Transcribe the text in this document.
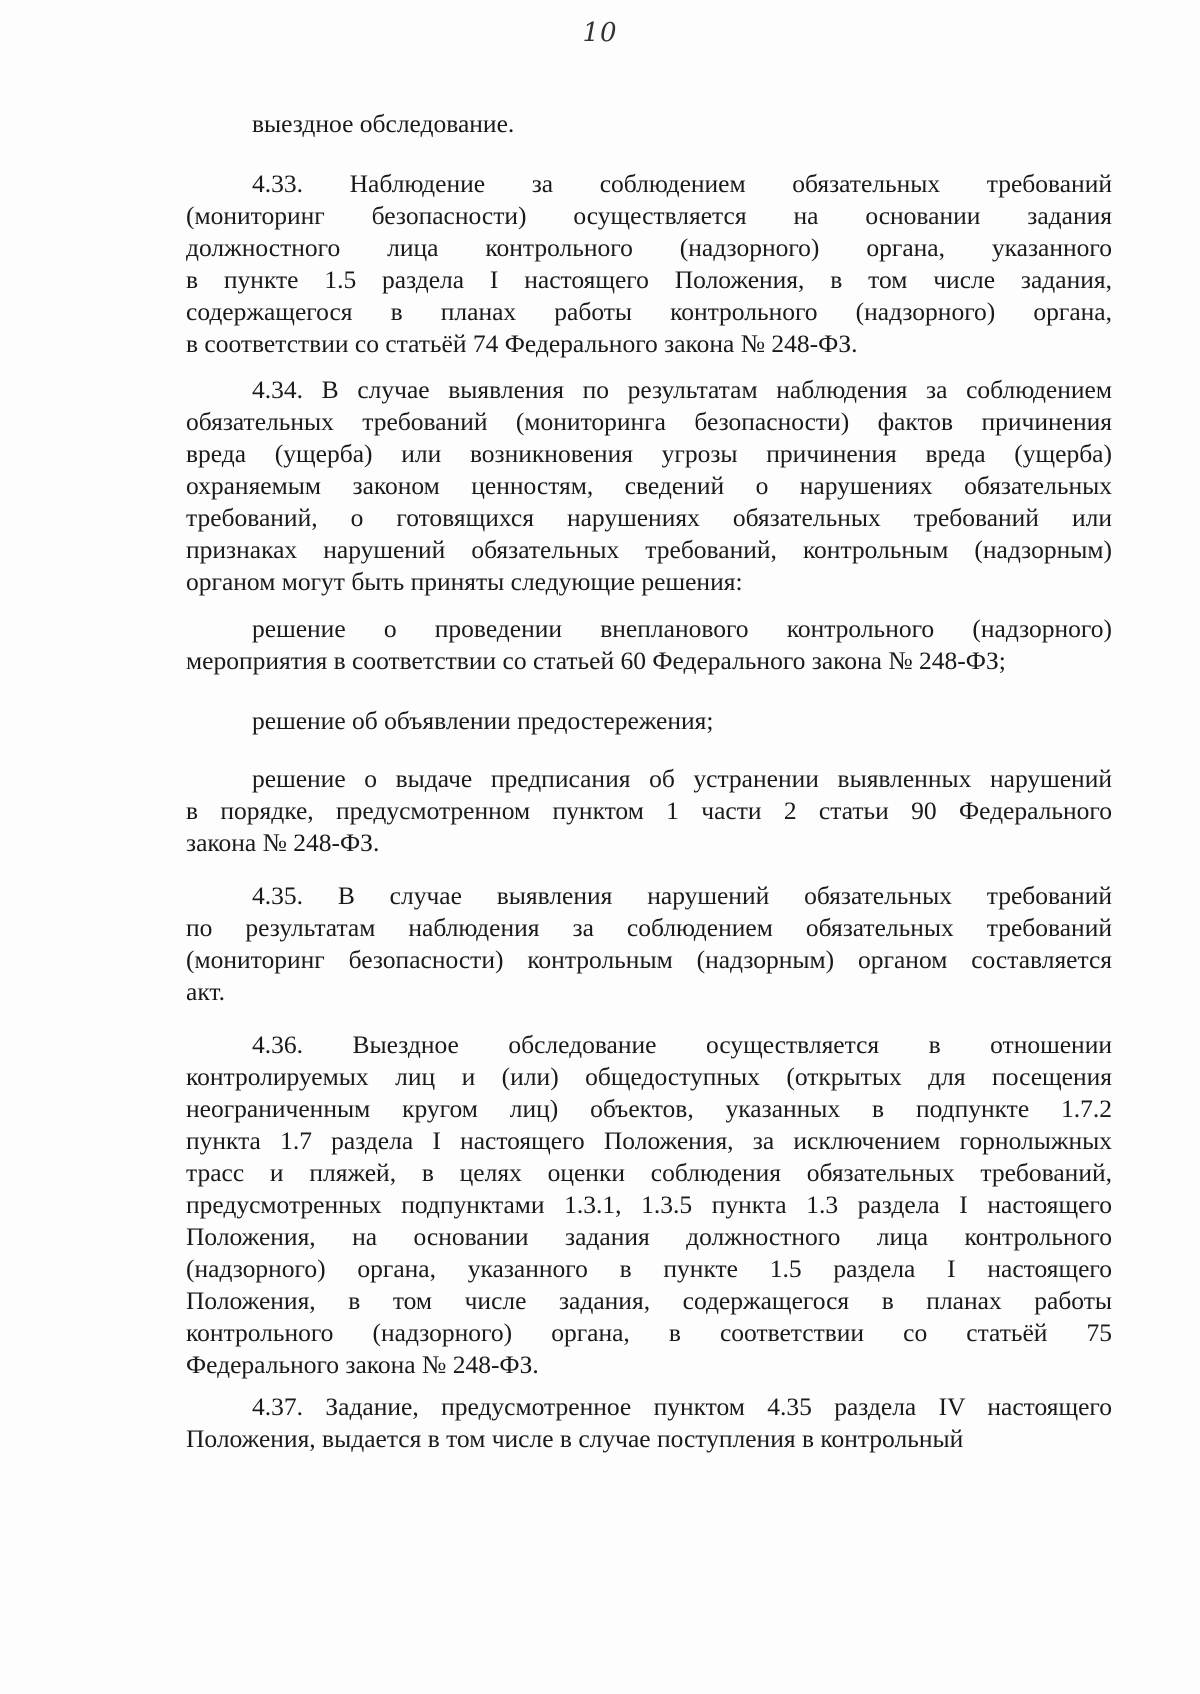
10
выездное обследование.
4.33. Наблюдение за соблюдением обязательных требований
(мониторинг безопасности) осуществляется на основании задания
должностного лица контрольного (надзорного) органа, указанного
в пункте 1.5 раздела I настоящего Положения, в том числе задания,
содержащегося в планах работы контрольного (надзорного) органа,
в соответствии со статьёй 74 Федерального закона № 248-ФЗ.
4.34. В случае выявления по результатам наблюдения за соблюдением
обязательных требований (мониторинга безопасности) фактов причинения
вреда (ущерба) или возникновения угрозы причинения вреда (ущерба)
охраняемым законом ценностям, сведений о нарушениях обязательных
требований, о готовящихся нарушениях обязательных требований или
признаках нарушений обязательных требований, контрольным (надзорным)
органом могут быть приняты следующие решения:
решение о проведении внепланового контрольного (надзорного)
мероприятия в соответствии со статьей 60 Федерального закона № 248-ФЗ;
решение об объявлении предостережения;
решение о выдаче предписания об устранении выявленных нарушений
в порядке, предусмотренном пунктом 1 части 2 статьи 90 Федерального
закона № 248-ФЗ.
4.35. В случае выявления нарушений обязательных требований
по результатам наблюдения за соблюдением обязательных требований
(мониторинг безопасности) контрольным (надзорным) органом составляется
акт.
4.36. Выездное обследование осуществляется в отношении
контролируемых лиц и (или) общедоступных (открытых для посещения
неограниченным кругом лиц) объектов, указанных в подпункте 1.7.2
пункта 1.7 раздела I настоящего Положения, за исключением горнолыжных
трасс и пляжей, в целях оценки соблюдения обязательных требований,
предусмотренных подпунктами 1.3.1, 1.3.5 пункта 1.3 раздела I настоящего
Положения, на основании задания должностного лица контрольного
(надзорного) органа, указанного в пункте 1.5 раздела I настоящего
Положения, в том числе задания, содержащегося в планах работы
контрольного (надзорного) органа, в соответствии со статьёй 75
Федерального закона № 248-ФЗ.
4.37. Задание, предусмотренное пунктом 4.35 раздела IV настоящего
Положения, выдается в том числе в случае поступления в контрольный
